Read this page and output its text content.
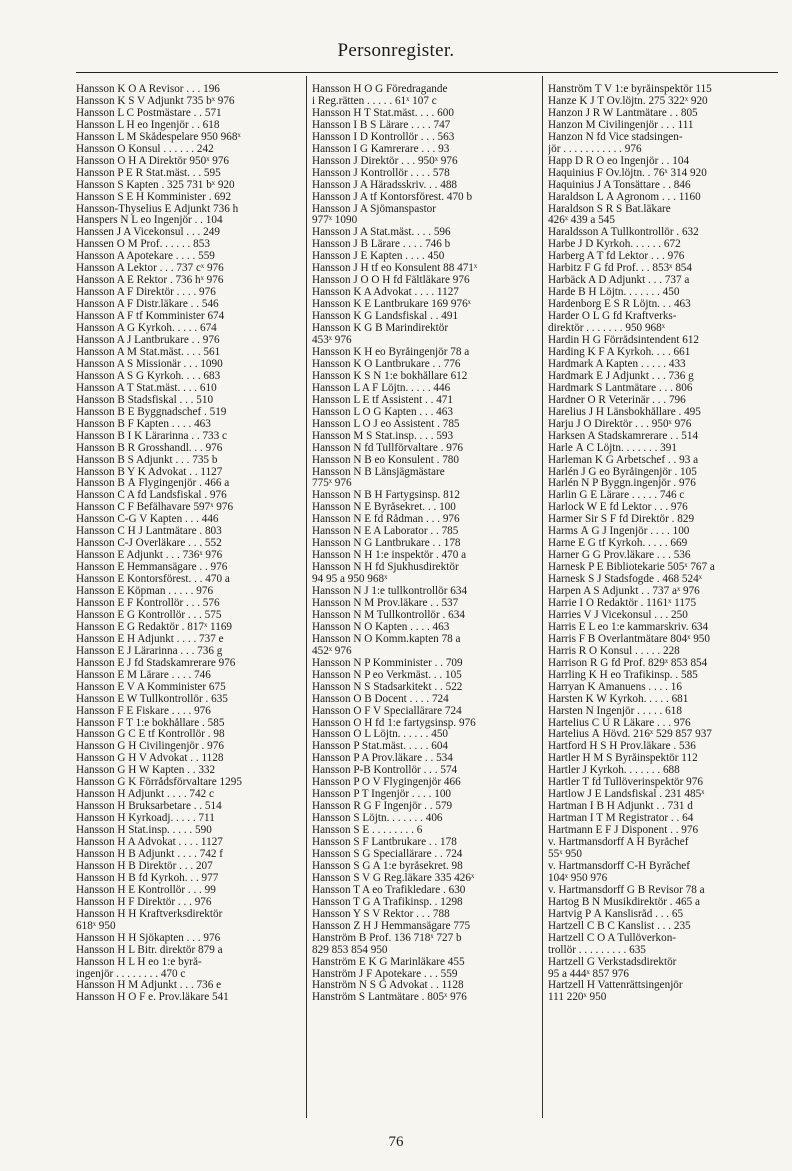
Personregister.
Hansson K O A Revisor . . . 196
Hansson K S V Adjunkt 735 bˣ 976
Hansson L C Postmästare . . 571
Hansson L H eo Ingenjör . . 618
Hansson L M Skådespelare 950 968ˣ
Hansson O Konsul . . . . . . 242
Hansson O H A Direktör 950ˣ 976
Hansson P E R Stat.mäst. . . 595
Hansson S Kapten . 325 731 bˣ 920
Hansson S E H Komminister . 692
Hansson-Thyselius E Adjunkt 736 h
Hanspers N L eo Ingenjör . . 104
Hanssen J A Vicekonsul . . . 249
Hanssen O M Prof. . . . . . 853
Hansson A Apotekare . . . . 559
Hansson A Lektor . . . 737 cˣ 976
Hansson A E Rektor . 736 hˣ 976
Hansson A F Direktör . . . . 976
Hansson A F Distr.läkare . . 546
Hansson A F tf Komminister 674
Hansson A G Kyrkoh. . . . . 674
Hansson A J Lantbrukare . . 976
Hansson A M Stat.mäst. . . . 561
Hansson A S Missionär . . . 1090
Hansson A S G Kyrkoh. . . . 683
Hansson A T Stat.mäst. . . . 610
Hansson B Stadsfiskal . . . 510
Hansson B E Byggnadschef . 519
Hansson B F Kapten . . . . 463
Hansson B I K Lärarinna . . 733 c
Hansson B R Grosshandl. . . 976
Hansson B S Adjunkt . . . 735 b
Hansson B Y K Advokat . . 1127
Hansson B Å Flygingenjör . 466 a
Hansson C A fd Landsfiskal . 976
Hansson C F Befälhavare 597ˣ 976
Hansson C-G V Kapten . . . 446
Hansson C H J Lantmätare . 803
Hansson C-J Överläkare . . . 552
Hansson E Adjunkt . . . 736ˣ 976
Hansson E Hemmansägare . . 976
Hansson E Kontorsförest. . . 470 a
Hansson E Köpman . . . . . 976
Hansson E F Kontrollör . . . 576
Hansson E G Kontrollör . . . 575
Hansson E G Redaktör . 817ˣ 1169
Hansson E H Adjunkt . . . . 737 e
Hansson E J Lärarinna . . . 736 g
Hansson E J fd Stadskamrerare 976
Hansson E M Lärare . . . . 746
Hansson E V A Komminister 675
Hansson E W Tullkontrollör . 635
Hansson F E Fiskare . . . . 976
Hansson F T 1:e bokhållare . 585
Hansson G C E tf Kontrollör . 98
Hansson G H Civilingenjör . 976
Hansson G H V Advokat . . 1128
Hansson G H W Kapten . . 332
Hansson G K Förrådsförvaltare 1295
Hansson H Adjunkt . . . . 742 c
Hansson H Bruksarbetare . . 514
Hansson H Kyrkoadj. . . . . 711
Hansson H Stat.insp. . . . . 590
Hansson H A Advokat . . . . 1127
Hansson H B Adjunkt . . . . 742 f
Hansson H B Direktör . . . 207
Hansson H B fd Kyrkoh. . . 977
Hansson H E Kontrollör . . . 99
Hansson H F Direktör . . . 976
Hansson H H Kraftverksdirektör
618ˣ 950
Hansson H H Sjökapten . . . 976
Hansson H L Bitr. direktör 879 a
Hansson H L H eo 1:e byrå-
ingenjör . . . . . . . . 470 c
Hansson H M Adjunkt . . . 736 e
Hansson H O F e. Prov.läkare 541
Hansson H O G Föredragande
i Reg.rätten . . . . . 61ˣ 107 c
Hansson H T Stat.mäst. . . . 600
Hansson I B S Lärare . . . . 747
Hansson I D Kontrollör . . . 563
Hansson I G Kamrerare . . . 93
Hansson J Direktör . . . 950ˣ 976
Hansson J Kontrollör . . . . 578
Hansson J A Häradsskriv. . . 488
Hansson J A tf Kontorsförest. 470 b
Hansson J A Sjömanspastor
977ˣ 1090
Hansson J A Stat.mäst. . . . 596
Hansson J B Lärare . . . . 746 b
Hansson J E Kapten . . . . 450
Hansson J H tf eo Konsulent 88 471ˣ
Hansson J O O H fd Fältläkare 976
Hansson K A Advokat . . . . 1127
Hansson K E Lantbrukare 169 976ˣ
Hansson K G Landsfiskal . . 491
Hansson K G B Marindirektör
453ˣ 976
Hansson K H eo Byråingenjör 78 a
Hansson K O Lantbrukare . . 776
Hansson K S N 1:e bokhållare 612
Hansson L A F Löjtn. . . . . 446
Hansson L E tf Assistent . . 471
Hansson L O G Kapten . . . 463
Hansson L O J eo Assistent . 785
Hansson M S Stat.insp. . . . 593
Hansson N fd Tullförvaltare . 976
Hansson N B eo Konsulent . 780
Hansson N B Länsjägmästare
775ˣ 976
Hansson N B H Fartygsinsp. 812
Hansson N E Byråsekret. . . 100
Hansson N E fd Rådman . . . 976
Hansson N E A Laborator . . 785
Hansson N G Lantbrukare . . 178
Hansson N H 1:e inspektör . 470 a
Hansson N H fd Sjukhusdirektör
94 95 a 950 968ˣ
Hansson N J 1:e tullkontrollör 634
Hansson N M Prov.läkare . . 537
Hansson N M Tullkontrollör . 634
Hansson N O Kapten . . . . 463
Hansson N O Komm.kapten 78 a
452ˣ 976
Hansson N P Komminister . . 709
Hansson N P eo Verkmäst. . . 105
Hansson N S Stadsarkitekt . . 522
Hansson O B Docent . . . . 724
Hansson O F V Speciallärare 724
Hansson O H fd 1:e fartygsinsp. 976
Hansson O L Löjtn. . . . . . 450
Hansson P Stat.mäst. . . . . 604
Hansson P A Prov.läkare . . 534
Hansson P-B Kontrollör . . . 574
Hansson P O V Flygingenjör 466
Hansson P T Ingenjör . . . . 100
Hansson R G F Ingenjör . . 579
Hansson S Löjtn. . . . . . . 406
Hansson S E . . . . . . . . 6
Hansson S F Lantbrukare . . 178
Hansson S G Speciallärare . . 724
Hansson S G A 1:e byråsekret. 98
Hansson S V G Reg.läkare 335 426ˣ
Hansson T A eo Trafikledare . 630
Hansson T G A Trafikinsp. . 1298
Hansson Y S V Rektor . . . 788
Hansson Z H J Hemmansägare 775
Hanström B Prof. 136 718ˣ 727 b
829 853 854 950
Hanström E K G Marinläkare 455
Hanström J F Apotekare . . . 559
Hanström N S G Advokat . . 1128
Hanström S Lantmätare . 805ˣ 976
Hanström T V 1:e byråinspektör 115
Hanze K J T Öv.löjtn. 275 322ˣ 920
Hanzon J R W Lantmätare . . 805
Hanzon M Civilingenjör . . . 111
Hanzon N fd Vice stadsingen-
jör . . . . . . . . . . . 976
Happ D R O eo Ingenjör . . 104
Haquinius F Öv.löjtn. . 76ˣ 314 920
Haquinius J A Tonsättare . . 846
Haraldson L Å Agronom . . . 1160
Haraldson S R S Bat.läkare
426ˣ 439 a 545
Haraldsson A Tullkontrollör . 632
Harbe J D Kyrkoh. . . . . . 672
Harberg A T fd Lektor . . . 976
Harbitz F G fd Prof. . . 853ˣ 854
Harbäck A D Adjunkt . . . 737 a
Harde B H Löjtn. . . . . . . 450
Hardenborg E S R Löjtn. . . 463
Harder O L G fd Kraftverks-
direktör . . . . . . . 950 968ˣ
Hardin H G Förrådsintendent 612
Harding K F A Kyrkoh. . . . 661
Hardmark A Kapten . . . . . 433
Hardmark E J Adjunkt . . . 736 g
Hardmark S Lantmätare . . . 806
Hardner O R Veterinär . . . 796
Harelius J H Länsbokhållare . 495
Harju J O Direktör . . . 950ˣ 976
Harksen A Stadskamrerare . . 514
Harle Å C Löjtn. . . . . . . 391
Harleman K G Arbetschef . . 93 a
Harlén J G eo Byråingenjör . 105
Harlén N P Byggn.ingenjör . 976
Harlin G E Lärare . . . . . 746 c
Harlock W E fd Lektor . . . 976
Harmer Sir S F fd Direktör . 829
Harms Å G J Ingenjör . . . . 100
Harne E G tf Kyrkoh. . . . . 669
Harner G G Prov.läkare . . . 536
Harnesk P E Bibliotekarie 505ˣ 767 a
Harnesk S J Stadsfogde . 468 524ˣ
Harpen A S Adjunkt . . 737 aˣ 976
Harrie I O Redaktör . 1161ˣ 1175
Harries V J Vicekonsul . . . 250
Harris E L eo 1:e kammarskriv. 634
Harris F B Överlantmätare 804ˣ 950
Harris R O Konsul . . . . . 228
Harrison R G fd Prof. 829ˣ 853 854
Harrling K H eo Trafikinsp. . 585
Harryan K Amanuens . . . . 16
Harsten K W Kyrkoh. . . . . 681
Harsten N Ingenjör . . . . . 618
Hartelius C U R Läkare . . . 976
Hartelius Å Hövd. 216ˣ 529 857 937
Hartford H S H Prov.läkare . 536
Hartler H M S Byråinspektör 112
Hartler J Kyrkoh. . . . . . . 688
Hartler T fd Tullöverinspektör 976
Hartlow J E Landsfiskal . 231 485ˣ
Hartman I B H Adjunkt . . 731 d
Hartman I T M Registrator . . 64
Hartmann E F J Disponent . . 976
v. Hartmansdorff A H Byråchef
55ˣ 950
v. Hartmansdorff C-H Byråchef
104ˣ 950 976
v. Hartmansdorff G B Revisor 78 a
Hartog B N Musikdirektör . 465 a
Hartvig P Å Kanslisråd . . . 65
Hartzell C B C Kanslist . . . 235
Hartzell C O A Tullöverkon-
trollör . . . . . . . . . 635
Hartzell G Verkstadsdirektör
95 a 444ˣ 857 976
Hartzell H Vattenrättsingenjör
111 220ˣ 950
76
